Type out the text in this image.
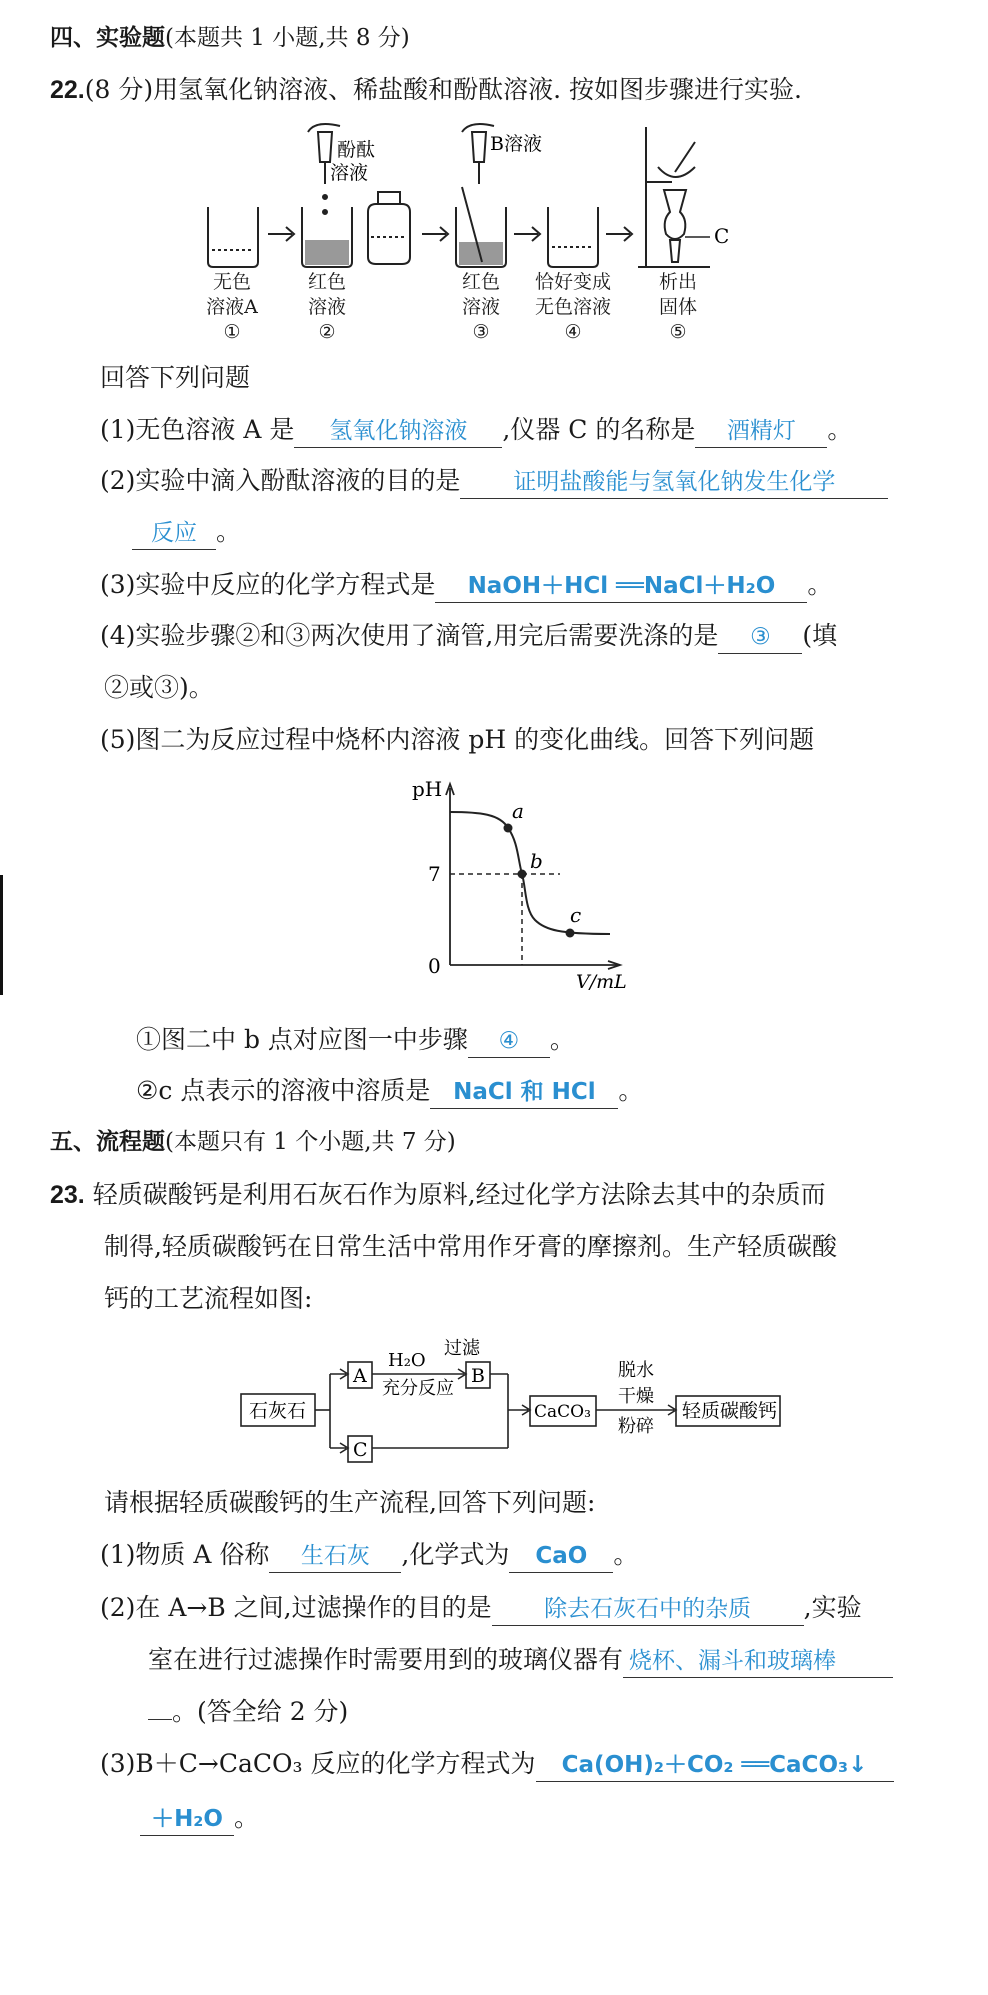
四、实验题(本题共 1 小题,共 8 分)
22.(8 分)用氢氧化钠溶液、稀盐酸和酚酞溶液. 按如图步骤进行实验.
酚酞
溶液
B溶液
C
无色
溶液A
①
红色
溶液
②
红色
溶液
③
恰好变成
无色溶液
④
析出
固体
⑤
回答下列问题
(1)无色溶液 A 是 氢氧化钠溶液 ,仪器 C 的名称是 酒精灯 。
(2)实验中滴入酚酞溶液的目的是 证明盐酸能与氢氧化钠发生化学
反应 。
(3)实验中反应的化学方程式是 NaOH＋HCl ══NaCl＋H₂O 。
(4)实验步骤②和③两次使用了滴管,用完后需要洗涤的是 ③ (填
②或③)。
(5)图二为反应过程中烧杯内溶液 pH 的变化曲线。回答下列问题
pH
V/mL
7
0
a
b
c
①图二中 b 点对应图一中步骤 ④ 。
②c 点表示的溶液中溶质是 NaCl 和 HCl 。
五、流程题(本题只有 1 个小题,共 7 分)
23. 轻质碳酸钙是利用石灰石作为原料,经过化学方法除去其中的杂质而
制得,轻质碳酸钙在日常生活中常用作牙膏的摩擦剂。生产轻质碳酸
钙的工艺流程如图:
石灰石
A
C
B
CaCO₃	轻质碳酸钙
H₂O
充分反应
过滤
脱水
干燥
粉碎
请根据轻质碳酸钙的生产流程,回答下列问题:
(1)物质 A 俗称 生石灰 ,化学式为 CaO 。
(2)在 A→B 之间,过滤操作的目的是 除去石灰石中的杂质 ,实验
室在进行过滤操作时需要用到的玻璃仪器有 烧杯、漏斗和玻璃棒
。(答全给 2 分)
(3)B＋C→CaCO₃ 反应的化学方程式为 Ca(OH)₂＋CO₂ ══CaCO₃↓
＋H₂O 。
